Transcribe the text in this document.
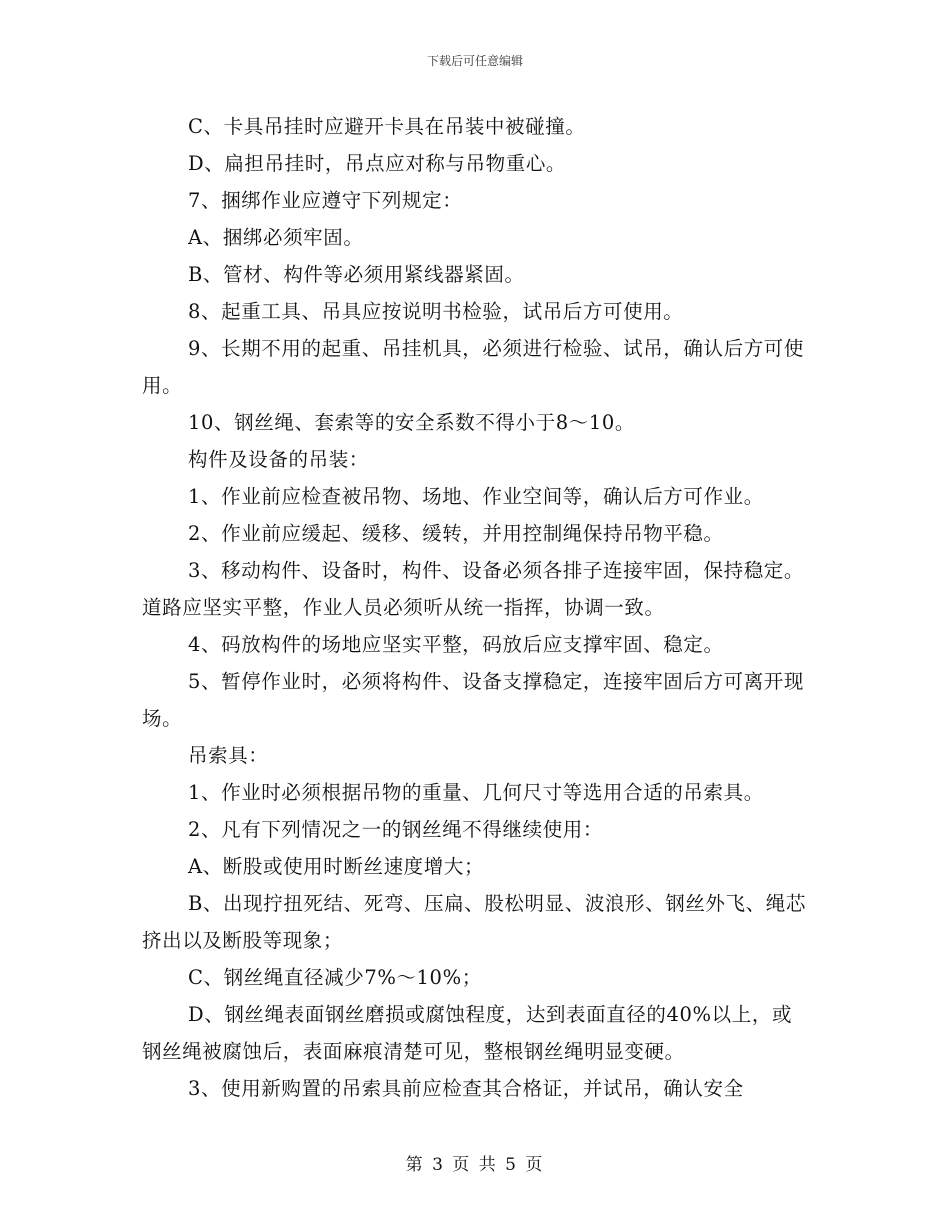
下载后可任意编辑

C、卡具吊挂时应避开卡具在吊装中被碰撞。

D、扁担吊挂时，吊点应对称与吊物重心。

7、捆绑作业应遵守下列规定：

A、捆绑必须牢固。

B、管材、构件等必须用紧线器紧固。

8、起重工具、吊具应按说明书检验，试吊后方可使用。

9、长期不用的起重、吊挂机具，必须进行检验、试吊，确认后方可使用。

10、钢丝绳、套索等的安全系数不得小于8～10。

构件及设备的吊装：

1、作业前应检查被吊物、场地、作业空间等，确认后方可作业。

2、作业前应缓起、缓移、缓转，并用控制绳保持吊物平稳。

3、移动构件、设备时，构件、设备必须各排子连接牢固，保持稳定。道路应坚实平整，作业人员必须听从统一指挥，协调一致。

4、码放构件的场地应坚实平整，码放后应支撑牢固、稳定。

5、暂停作业时，必须将构件、设备支撑稳定，连接牢固后方可离开现场。

吊索具：

1、作业时必须根据吊物的重量、几何尺寸等选用合适的吊索具。

2、凡有下列情况之一的钢丝绳不得继续使用：

A、断股或使用时断丝速度增大；

B、出现拧扭死结、死弯、压扁、股松明显、波浪形、钢丝外飞、绳芯挤出以及断股等现象；

C、钢丝绳直径减少7%～10%；

D、钢丝绳表面钢丝磨损或腐蚀程度，达到表面直径的40%以上，或钢丝绳被腐蚀后，表面麻痕清楚可见，整根钢丝绳明显变硬。

3、使用新购置的吊索具前应检查其合格证，并试吊，确认安全

第 3 页 共 5 页
